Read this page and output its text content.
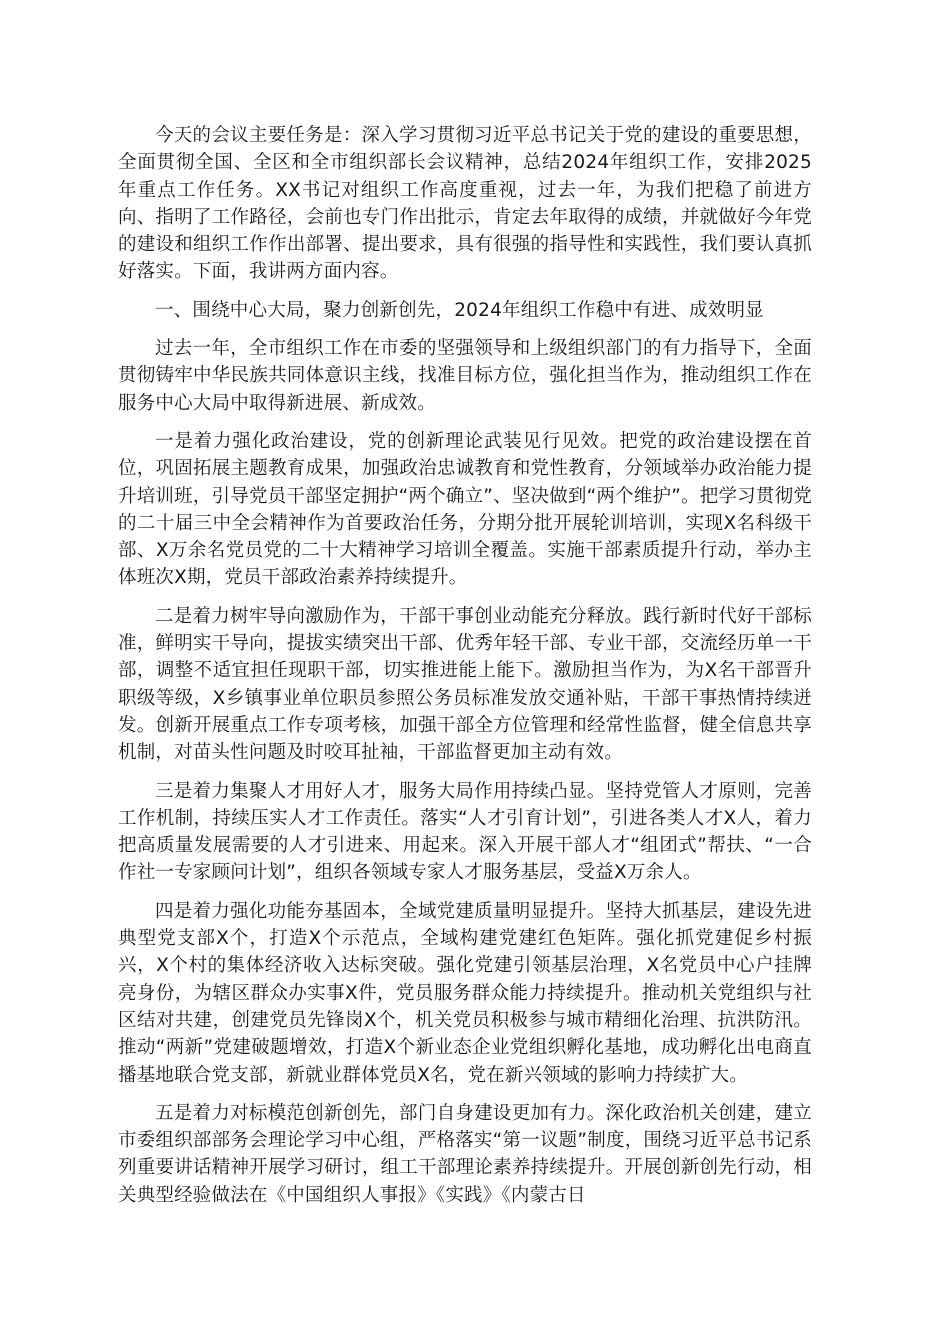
今天的会议主要任务是：深入学习贯彻习近平总书记关于党的建设的重要思想，全面贯彻全国、全区和全市组织部长会议精神，总结2024年组织工作，安排2025年重点工作任务。XX书记对组织工作高度重视，过去一年，为我们把稳了前进方向、指明了工作路径，会前也专门作出批示，肯定去年取得的成绩，并就做好今年党的建设和组织工作作出部署、提出要求，具有很强的指导性和实践性，我们要认真抓好落实。下面，我讲两方面内容。

一、围绕中心大局，聚力创新创先，2024年组织工作稳中有进、成效明显

过去一年，全市组织工作在市委的坚强领导和上级组织部门的有力指导下，全面贯彻铸牢中华民族共同体意识主线，找准目标方位，强化担当作为，推动组织工作在服务中心大局中取得新进展、新成效。

一是着力强化政治建设，党的创新理论武装见行见效。把党的政治建设摆在首位，巩固拓展主题教育成果，加强政治忠诚教育和党性教育，分领域举办政治能力提升培训班，引导党员干部坚定拥护“两个确立”、坚决做到“两个维护”。把学习贯彻党的二十届三中全会精神作为首要政治任务，分期分批开展轮训培训，实现X名科级干部、X万余名党员党的二十大精神学习培训全覆盖。实施干部素质提升行动，举办主体班次X期，党员干部政治素养持续提升。

二是着力树牢导向激励作为，干部干事创业动能充分释放。践行新时代好干部标准，鲜明实干导向，提拔实绩突出干部、优秀年轻干部、专业干部，交流经历单一干部，调整不适宜担任现职干部，切实推进能上能下。激励担当作为，为X名干部晋升职级等级，X乡镇事业单位职员参照公务员标准发放交通补贴，干部干事热情持续迸发。创新开展重点工作专项考核，加强干部全方位管理和经常性监督，健全信息共享机制，对苗头性问题及时咬耳扯袖，干部监督更加主动有效。

三是着力集聚人才用好人才，服务大局作用持续凸显。坚持党管人才原则，完善工作机制，持续压实人才工作责任。落实“人才引育计划”，引进各类人才X人，着力把高质量发展需要的人才引进来、用起来。深入开展干部人才“组团式”帮扶、“一合作社一专家顾问计划”，组织各领域专家人才服务基层，受益X万余人。

四是着力强化功能夯基固本，全域党建质量明显提升。坚持大抓基层，建设先进典型党支部X个，打造X个示范点，全域构建党建红色矩阵。强化抓党建促乡村振兴，X个村的集体经济收入达标突破。强化党建引领基层治理，X名党员中心户挂牌亮身份，为辖区群众办实事X件，党员服务群众能力持续提升。推动机关党组织与社区结对共建，创建党员先锋岗X个，机关党员积极参与城市精细化治理、抗洪防汛。推动“两新”党建破题增效，打造X个新业态企业党组织孵化基地，成功孵化出电商直播基地联合党支部，新就业群体党员X名，党在新兴领域的影响力持续扩大。

五是着力对标模范创新创先，部门自身建设更加有力。深化政治机关创建，建立市委组织部部务会理论学习中心组，严格落实“第一议题”制度，围绕习近平总书记系列重要讲话精神开展学习研讨，组工干部理论素养持续提升。开展创新创先行动，相关典型经验做法在《中国组织人事报》《实践》《内蒙古日
